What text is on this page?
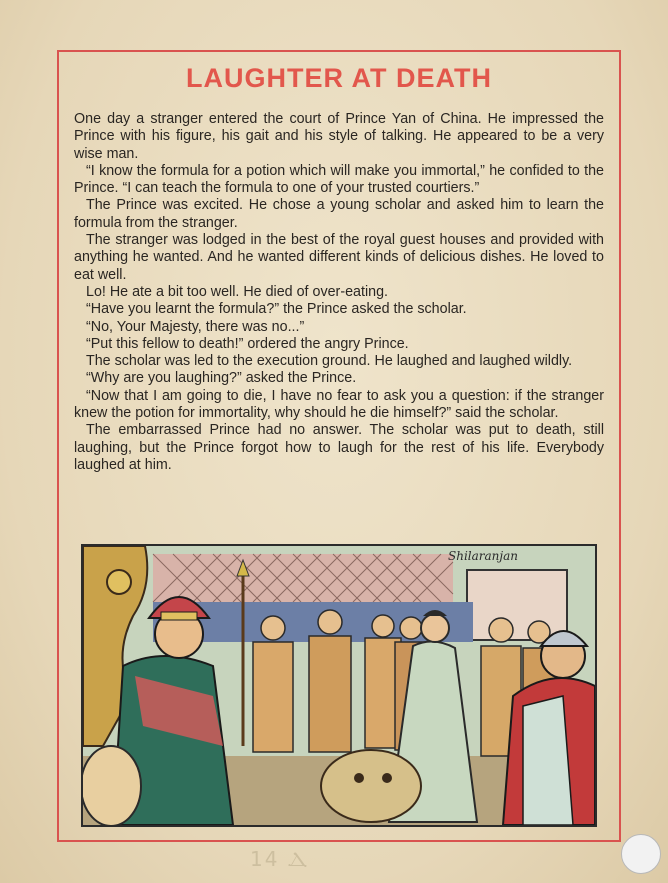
LAUGHTER AT DEATH

One day a stranger entered the court of Prince Yan of China. He impressed the Prince with his figure, his gait and his style of talking. He appeared to be a very wise man.

“I know the formula for a potion which will make you immortal,” he confided to the Prince. “I can teach the formula to one of your trusted courtiers.”

The Prince was excited. He chose a young scholar and asked him to learn the formula from the stranger.

The stranger was lodged in the best of the royal guest houses and provided with anything he wanted. And he wanted different kinds of delicious dishes. He loved to eat well.

Lo! He ate a bit too well. He died of over-eating.

“Have you learnt the formula?” the Prince asked the scholar.

“No, Your Majesty, there was no...”

“Put this fellow to death!” ordered the angry Prince.

The scholar was led to the execution ground. He laughed and laughed wildly.

“Why are you laughing?” asked the Prince.

“Now that I am going to die, I have no fear to ask you a question: if the stranger knew the potion for immortality, why should he die himself?” said the scholar.

The embarrassed Prince had no answer. The scholar was put to death, still laughing, but the Prince forgot how to laugh for the rest of his life. Everybody laughed at him.

Shilaranjan
14 Ⲇ
